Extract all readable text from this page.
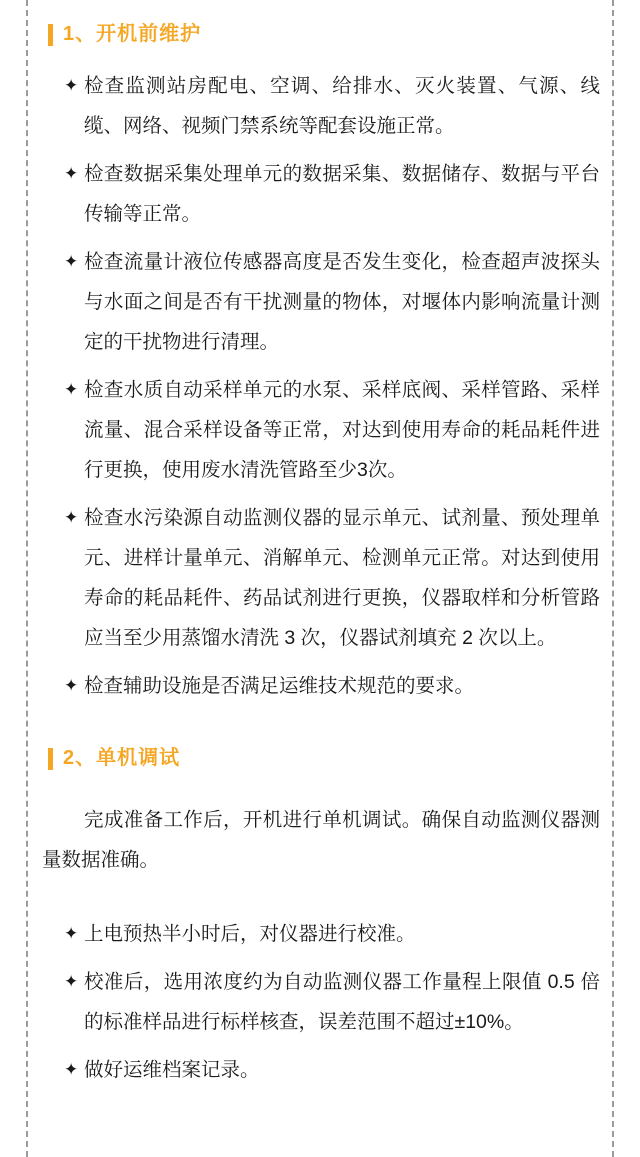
1、开机前维护
✦ 检查监测站房配电、空调、给排水、灭火装置、气源、线缆、网络、视频门禁系统等配套设施正常。
✦ 检查数据采集处理单元的数据采集、数据储存、数据与平台传输等正常。
✦ 检查流量计液位传感器高度是否发生变化，检查超声波探头与水面之间是否有干扰测量的物体，对堰体内影响流量计测定的干扰物进行清理。
✦ 检查水质自动采样单元的水泵、采样底阀、采样管路、采样流量、混合采样设备等正常，对达到使用寿命的耗品耗件进行更换，使用废水清洗管路至少3次。
✦ 检查水污染源自动监测仪器的显示单元、试剂量、预处理单元、进样计量单元、消解单元、检测单元正常。对达到使用寿命的耗品耗件、药品试剂进行更换，仪器取样和分析管路应当至少用蒸馏水清洗 3 次，仪器试剂填充 2 次以上。
✦ 检查辅助设施是否满足运维技术规范的要求。
2、单机调试
完成准备工作后，开机进行单机调试。确保自动监测仪器测量数据准确。
✦ 上电预热半小时后，对仪器进行校准。
✦ 校准后，选用浓度约为自动监测仪器工作量程上限值 0.5 倍的标准样品进行标样核查，误差范围不超过±10%。
✦ 做好运维档案记录。
